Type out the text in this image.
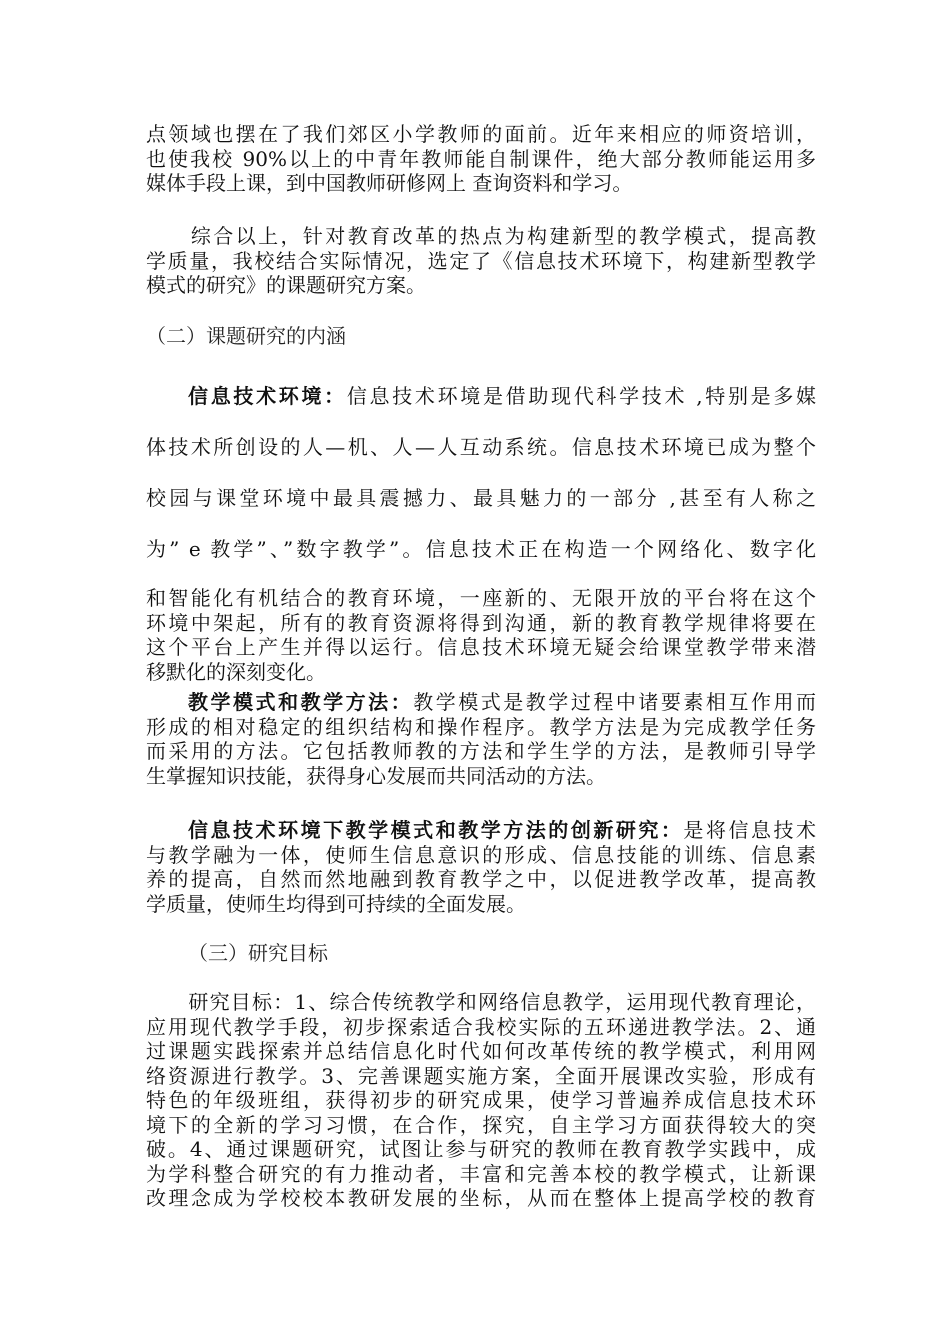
点领域也摆在了我们郊区小学教师的面前。近年来相应的师资培训，
也使我校 90%以上的中青年教师能自制课件，绝大部分教师能运用多
媒体手段上课，到中国教师研修网上 查询资料和学习。
　　综合以上，针对教育改革的热点为构建新型的教学模式，提高教
学质量，我校结合实际情况，选定了《信息技术环境下，构建新型教学
模式的研究》的课题研究方案。
（二）课题研究的内涵
信息技术环境：信息技术环境是借助现代科学技术 ,特别是多媒
体技术所创设的人—机、人—人互动系统。信息技术环境已成为整个
校园与课堂环境中最具震撼力、最具魅力的一部分 ,甚至有人称之
为” e 教学”、”数字教学”。信息技术正在构造一个网络化、数字化
和智能化有机结合的教育环境，一座新的、无限开放的平台将在这个
环境中架起，所有的教育资源将得到沟通，新的教育教学规律将要在
这个平台上产生并得以运行。信息技术环境无疑会给课堂教学带来潜
移默化的深刻变化。
教学模式和教学方法：教学模式是教学过程中诸要素相互作用而
形成的相对稳定的组织结构和操作程序。教学方法是为完成教学任务
而采用的方法。它包括教师教的方法和学生学的方法，是教师引导学
生掌握知识技能，获得身心发展而共同活动的方法。
信息技术环境下教学模式和教学方法的创新研究：是将信息技术
与教学融为一体，使师生信息意识的形成、信息技能的训练、信息素
养的提高，自然而然地融到教育教学之中，以促进教学改革，提高教
学质量，使师生均得到可持续的全面发展。
（三）研究目标
　　研究目标：1、综合传统教学和网络信息教学，运用现代教育理论，
应用现代教学手段，初步探索适合我校实际的五环递进教学法。2、通
过课题实践探索并总结信息化时代如何改革传统的教学模式，利用网
络资源进行教学。3、完善课题实施方案，全面开展课改实验，形成有
特色的年级班组，获得初步的研究成果，使学习普遍养成信息技术环
境下的全新的学习习惯，在合作，探究，自主学习方面获得较大的突
破。4、通过课题研究，试图让参与研究的教师在教育教学实践中，成
为学科整合研究的有力推动者，丰富和完善本校的教学模式，让新课
改理念成为学校校本教研发展的坐标，从而在整体上提高学校的教育
